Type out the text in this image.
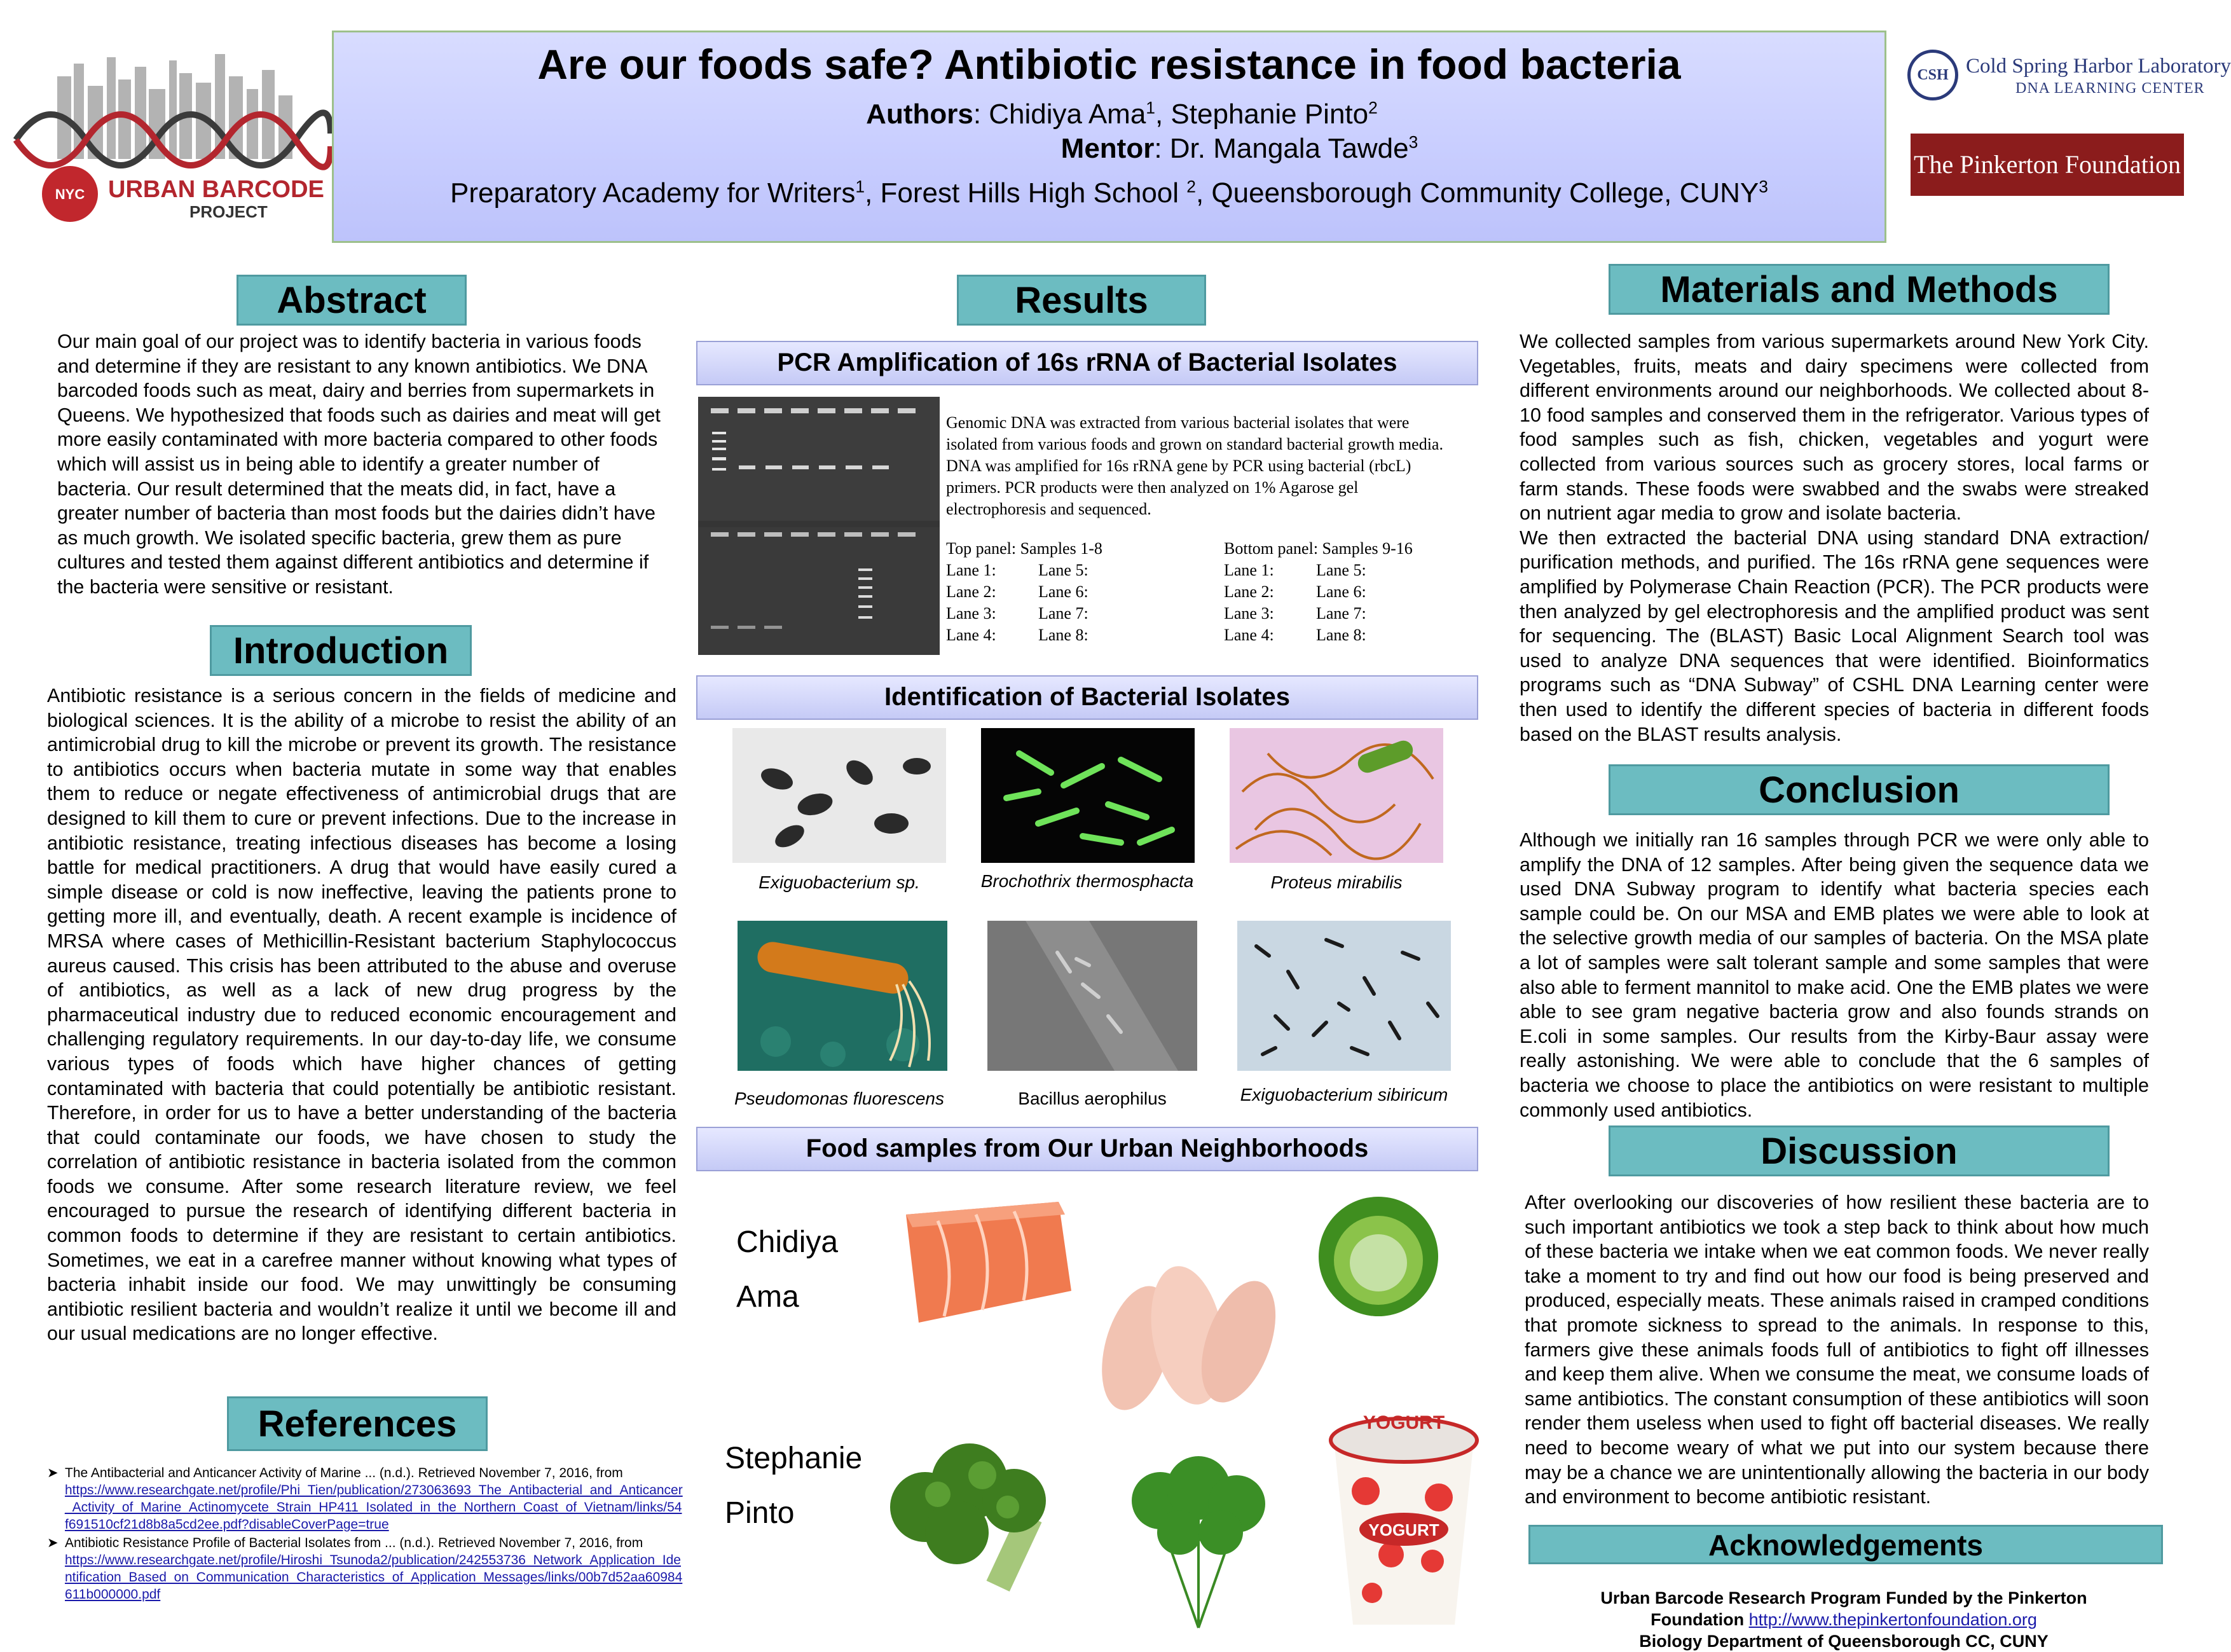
NYC URBAN BARCODE
PROJECT
CSH Cold Spring Harbor Laboratory
DNA LEARNING CENTER
The Pinkerton Foundation
Are our foods safe? Antibiotic resistance in food bacteria
Authors: Chidiya Ama$^1$, Stephanie Pinto$^2$
Mentor: Dr. Mangala Tawde$^3$
Preparatory Academy for Writers$^1$, Forest Hills High School $^2$, Queensborough Community College, CUNY$^3$
Abstract
Our main goal of our project was to identify bacteria in various foods and determine if they are resistant to any known antibiotics. We DNA barcoded foods such as meat, dairy and berries from supermarkets in Queens. We hypothesized that foods such as dairies and meat will get more easily contaminated with more bacteria compared to other foods which will assist us in being able to identify a greater number of bacteria. Our result determined that the meats did, in fact, have a greater number of bacteria than most foods but the dairies didn’t have as much growth. We isolated specific bacteria, grew them as pure cultures and tested them against different antibiotics and determine if the bacteria were sensitive or resistant.
Introduction
Antibiotic resistance is a serious concern in the fields of medicine and biological sciences. It is the ability of a microbe to resist the ability of an antimicrobial drug to kill the microbe or prevent its growth. The resistance to antibiotics occurs when bacteria mutate in some way that enables them to reduce or negate effectiveness of antimicrobial drugs that are designed to kill them to cure or prevent infections. Due to the increase in antibiotic resistance, treating infectious diseases has become a losing battle for medical practitioners. A drug that would have easily cured a simple disease or cold is now ineffective, leaving the patients prone to getting more ill, and eventually, death. A recent example is incidence of MRSA where cases of Methicillin-Resistant bacterium Staphylococcus aureus caused. This crisis has been attributed to the abuse and overuse of antibiotics, as well as a lack of new drug progress by the pharmaceutical industry due to reduced economic encouragement and challenging regulatory requirements. In our day-to-day life, we consume various types of foods which have higher chances of getting contaminated with bacteria that could potentially be antibiotic resistant. Therefore, in order for us to have a better understanding of the bacteria that could contaminate our foods, we have chosen to study the correlation of antibiotic resistance in bacteria isolated from the common foods we consume. After some research literature review, we feel encouraged to pursue the research of identifying different bacteria in common foods to determine if they are resistant to certain antibiotics. Sometimes, we eat in a carefree manner without knowing what types of bacteria inhabit inside our food. We may unwittingly be consuming antibiotic resilient bacteria and wouldn’t realize it until we become ill and our usual medications are no longer effective.
References
➤ The Antibacterial and Anticancer Activity of Marine ... (n.d.). Retrieved November 7, 2016, from
https://www.researchgate.net/profile/Phi_Tien/publication/273063693_The_Antibacterial_and_Anticancer_Activity_of_Marine_Actinomycete_Strain_HP411_Isolated_in_the_Northern_Coast_of_Vietnam/links/54f691510cf21d8b8a5cd2ee.pdf?disableCoverPage=true
➤ Antibiotic Resistance Profile of Bacterial Isolates from ... (n.d.). Retrieved November 7, 2016, from
https://www.researchgate.net/profile/Hiroshi_Tsunoda2/publication/242553736_Network_Application_Identification_Based_on_Communication_Characteristics_of_Application_Messages/links/00b7d52aa60984611b000000.pdf
Results
PCR Amplification of 16s rRNA of Bacterial Isolates
Genomic DNA was extracted from various bacterial isolates that were isolated from various foods and grown on standard bacterial growth media. DNA was amplified for 16s rRNA gene by PCR using bacterial (rbcL) primers. PCR products were then analyzed on 1% Agarose gel electrophoresis and sequenced.
Top panel: Samples 1-8
Lane 1:	Lane 5:
Lane 2:	Lane 6:
Lane 3:	Lane 7:
Lane 4:	Lane 8:
Bottom panel: Samples 9-16
Lane 1:	Lane 5:
Lane 2:	Lane 6:
Lane 3:	Lane 7:
Lane 4:	Lane 8:
Identification of Bacterial Isolates
Exiguobacterium sp.	Brochothrix thermosphacta	Proteus mirabilis
Pseudomonas fluorescens	Bacillus aerophilus	Exiguobacterium sibiricum
Food samples from Our Urban Neighborhoods
Chidiya
Ama
Stephanie
Pinto
YOGURT
YOGURT
Materials and Methods
We collected samples from various supermarkets around New York City. Vegetables, fruits, meats and dairy specimens were collected from different environments around our neighborhoods. We collected about 8-10 food samples and conserved them in the refrigerator. Various types of food samples such as fish, chicken, vegetables and yogurt were collected from various sources such as grocery stores, local farms or farm stands. These foods were swabbed and the swabs were streaked on nutrient agar media to grow and isolate bacteria.
We then extracted the bacterial DNA using standard DNA extraction/ purification methods, and purified. The 16s rRNA gene sequences were amplified by Polymerase Chain Reaction (PCR). The PCR products were then analyzed by gel electrophoresis and the amplified product was sent for sequencing. The (BLAST) Basic Local Alignment Search tool was used to analyze DNA sequences that were identified. Bioinformatics programs such as “DNA Subway” of CSHL DNA Learning center were then used to identify the different species of bacteria in different foods based on the BLAST results analysis.
Conclusion
Although we initially ran 16 samples through PCR we were only able to amplify the DNA of 12 samples. After being given the sequence data we used DNA Subway program to identify what bacteria species each sample could be. On our MSA and EMB plates we were able to look at the selective growth media of our samples of bacteria. On the MSA plate a lot of samples were salt tolerant sample and some samples that were also able to ferment mannitol to make acid. One the EMB plates we were able to see gram negative bacteria grow and also founds strands on E.coli in some samples. Our results from the Kirby-Baur assay were really astonishing. We were able to conclude that the 6 samples of bacteria we choose to place the antibiotics on were resistant to multiple commonly used antibiotics.
Discussion
After overlooking our discoveries of how resilient these bacteria are to such important antibiotics we took a step back to think about how much of these bacteria we intake when we eat common foods. We never really take a moment to try and find out how our food is being preserved and produced, especially meats. These animals raised in cramped conditions that promote sickness to spread to the animals. In response to this, farmers give these animals foods full of antibiotics to fight off illnesses and keep them alive. When we consume the meat, we consume loads of same antibiotics. The constant consumption of these antibiotics will soon render them useless when used to fight off bacterial diseases. We really need to become weary of what we put into our system because there may be a chance we are unintentionally allowing the bacteria in our body and environment to become antibiotic resistant.
Acknowledgements
Urban Barcode Research Program Funded by the Pinkerton
Foundation http://www.thepinkertonfoundation.org
Biology Department of Queensborough CC, CUNY
